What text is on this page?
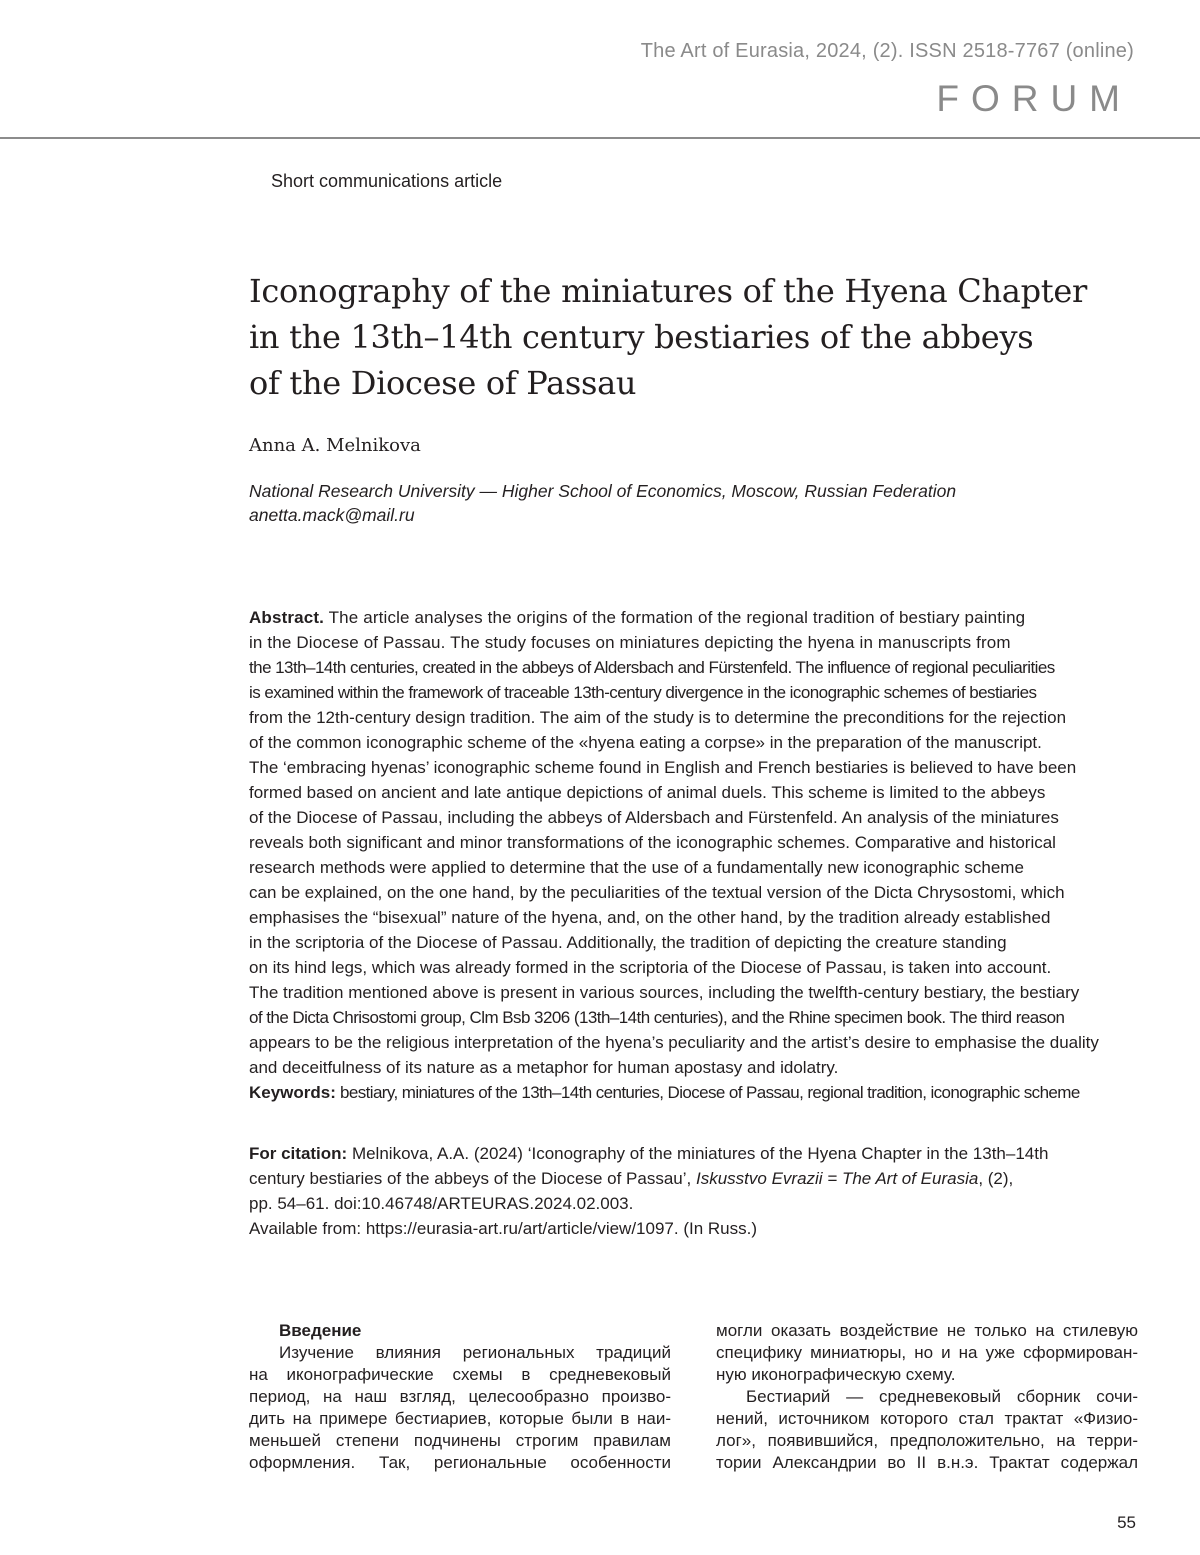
The Art of Eurasia, 2024, (2). ISSN 2518-7767 (online)
FORUM
Short communications article
Iconography of the miniatures of the Hyena Chapter
in the 13th–14th century bestiaries of the abbeys
of the Diocese of Passau
Anna A. Melnikova
National Research University — Higher School of Economics, Moscow, Russian Federation
anetta.mack@mail.ru
Abstract. The article analyses the origins of the formation of the regional tradition of bestiary painting
in the Diocese of Passau. The study focuses on miniatures depicting the hyena in manuscripts from
the 13th–14th centuries, created in the abbeys of Aldersbach and Fürstenfeld. The influence of regional peculiarities
is examined within the framework of traceable 13th-century divergence in the iconographic schemes of bestiaries
from the 12th-century design tradition. The aim of the study is to determine the preconditions for the rejection
of the common iconographic scheme of the «hyena eating a corpse» in the preparation of the manuscript.
The ‘embracing hyenas’ iconographic scheme found in English and French bestiaries is believed to have been
formed based on ancient and late antique depictions of animal duels. This scheme is limited to the abbeys
of the Diocese of Passau, including the abbeys of Aldersbach and Fürstenfeld. An analysis of the miniatures
reveals both significant and minor transformations of the iconographic schemes. Comparative and historical
research methods were applied to determine that the use of a fundamentally new iconographic scheme
can be explained, on the one hand, by the peculiarities of the textual version of the Dicta Chrysostomi, which
emphasises the “bisexual” nature of the hyena, and, on the other hand, by the tradition already established
in the scriptoria of the Diocese of Passau. Additionally, the tradition of depicting the creature standing
on its hind legs, which was already formed in the scriptoria of the Diocese of Passau, is taken into account.
The tradition mentioned above is present in various sources, including the twelfth-century bestiary, the bestiary
of the Dicta Chrisostomi group, Clm Bsb 3206 (13th–14th centuries), and the Rhine specimen book. The third reason
appears to be the religious interpretation of the hyena’s peculiarity and the artist’s desire to emphasise the duality
and deceitfulness of its nature as a metaphor for human apostasy and idolatry.
Keywords: bestiary, miniatures of the 13th–14th centuries, Diocese of Passau, regional tradition, iconographic scheme
For citation: Melnikova, A.A. (2024) ‘Iconography of the miniatures of the Hyena Chapter in the 13th–14th
century bestiaries of the abbeys of the Diocese of Passau’, Iskusstvo Evrazii = The Art of Eurasia, (2),
pp. 54–61. doi:10.46748/ARTEURAS.2024.02.003.
Available from: https://eurasia-art.ru/art/article/view/1097. (In Russ.)
Введение
Изучение влияния региональных традиций
на иконографические схемы в средневековый
период, на наш взгляд, целесообразно произво-
дить на примере бестиариев, которые были в наи-
меньшей степени подчинены строгим правилам
оформления. Так, региональные особенности
могли оказать воздействие не только на стилевую
специфику миниатюры, но и на уже сформирован-
ную иконографическую схему.
Бестиарий — средневековый сборник сочи-
нений, источником которого стал трактат «Физио-
лог», появившийся, предположительно, на терри-
тории Александрии во II в.н.э. Трактат содержал
55
